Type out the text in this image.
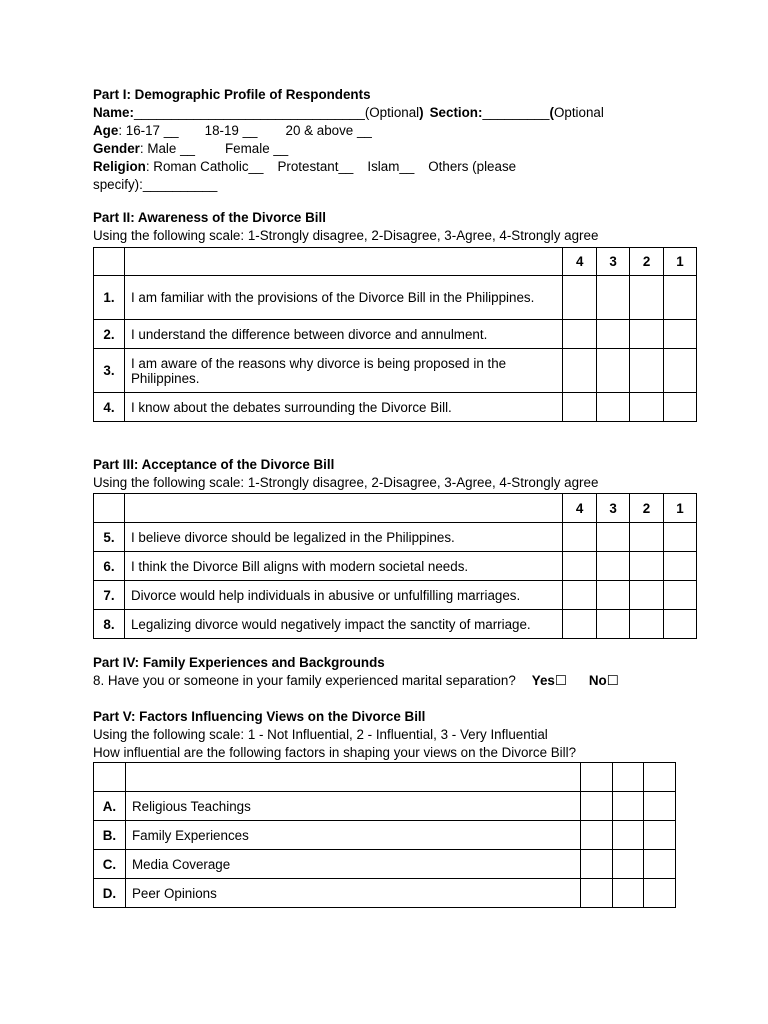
Part I: Demographic Profile of Respondents
Name:_______________________________(Optional) Section:_________(Optional
Age: 16-17 __ 18-19 __ 20 & above __
Gender: Male __ Female __
Religion: Roman Catholic__ Protestant__ Islam__ Others (please
specify):__________
Part II: Awareness of the Divorce Bill
Using the following scale: 1-Strongly disagree, 2-Disagree, 3-Agree, 4-Strongly agree
		4	3	2	1
1.	I am familiar with the provisions of the Divorce Bill in the Philippines.				
2.	I understand the difference between divorce and annulment.				
3.	I am aware of the reasons why divorce is being proposed in the Philippines.				
4.	I know about the debates surrounding the Divorce Bill.				
Part III: Acceptance of the Divorce Bill
Using the following scale: 1-Strongly disagree, 2-Disagree, 3-Agree, 4-Strongly agree
		4	3	2	1
5.	I believe divorce should be legalized in the Philippines.				
6.	I think the Divorce Bill aligns with modern societal needs.				
7.	Divorce would help individuals in abusive or unfulfilling marriages.				
8.	Legalizing divorce would negatively impact the sanctity of marriage.				
Part IV: Family Experiences and Backgrounds
8. Have you or someone in your family experienced marital separation? Yes☐ No☐
Part V: Factors Influencing Views on the Divorce Bill
Using the following scale: 1 - Not Influential, 2 - Influential, 3 - Very Influential
How influential are the following factors in shaping your views on the Divorce Bill?

A.	Religious Teachings			
B.	Family Experiences			
C.	Media Coverage			
D.	Peer Opinions			
